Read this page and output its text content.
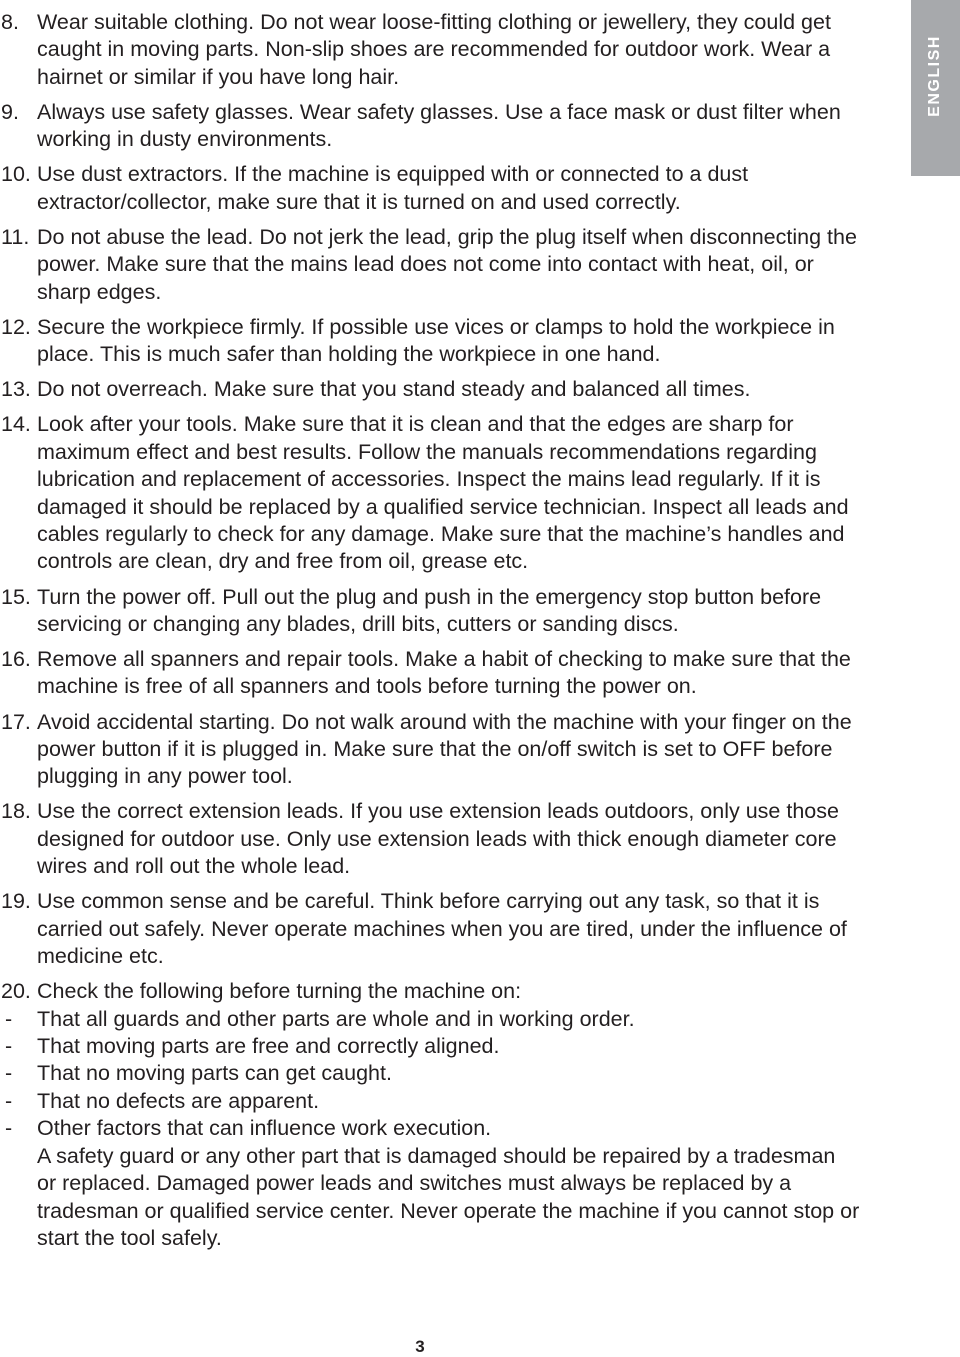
ENGLISH
8. Wear suitable clothing. Do not wear loose-fitting clothing or jewellery, they could get caught in moving parts. Non-slip shoes are recommended for outdoor work. Wear a hairnet or similar if you have long hair.
9. Always use safety glasses. Wear safety glasses. Use a face mask or dust filter when working in dusty environments.
10. Use dust extractors. If the machine is equipped with or connected to a dust extractor/collector, make sure that it is turned on and used correctly.
11. Do not abuse the lead. Do not jerk the lead, grip the plug itself when disconnecting the power. Make sure that the mains lead does not come into contact with heat, oil, or sharp edges.
12. Secure the workpiece firmly. If possible use vices or clamps to hold the workpiece in place. This is much safer than holding the workpiece in one hand.
13. Do not overreach. Make sure that you stand steady and balanced all times.
14. Look after your tools. Make sure that it is clean and that the edges are sharp for maximum effect and best results. Follow the manuals recommendations regarding lubrication and replacement of accessories. Inspect the mains lead regularly. If it is damaged it should be replaced by a qualified service technician. Inspect all leads and cables regularly to check for any damage. Make sure that the machine’s handles and controls are clean, dry and free from oil, grease etc.
15. Turn the power off. Pull out the plug and push in the emergency stop button before servicing or changing any blades, drill bits, cutters or sanding discs.
16. Remove all spanners and repair tools. Make a habit of checking to make sure that the machine is free of all spanners and tools before turning the power on.
17. Avoid accidental starting. Do not walk around with the machine with your finger on the power button if it is plugged in. Make sure that the on/off switch is set to OFF before plugging in any power tool.
18. Use the correct extension leads. If you use extension leads outdoors, only use those designed for outdoor use. Only use extension leads with thick enough diameter core wires and roll out the whole lead.
19. Use common sense and be careful. Think before carrying out any task, so that it is carried out safely. Never operate machines when you are tired, under the influence of medicine etc.
20. Check the following before turning the machine on:
- That all guards and other parts are whole and in working order.
- That moving parts are free and correctly aligned.
- That no moving parts can get caught.
- That no defects are apparent.
- Other factors that can influence work execution.
A safety guard or any other part that is damaged should be repaired by a tradesman or replaced. Damaged power leads and switches must always be replaced by a tradesman or qualified service center. Never operate the machine if you cannot stop or start the tool safely.
3
